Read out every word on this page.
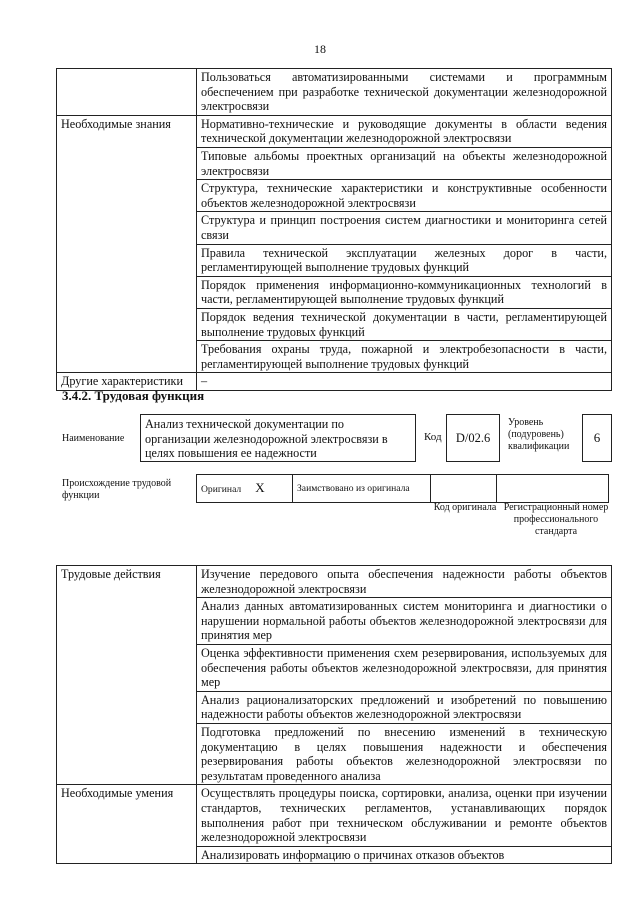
18
	Пользоваться автоматизированными системами и программным обеспечением при разработке технической документации железнодорожной электросвязи
Необходимые знания	Нормативно-технические и руководящие документы в области ведения технической документации железнодорожной электросвязи
	Типовые альбомы проектных организаций на объекты железнодорожной электросвязи
	Структура, технические характеристики и конструктивные особенности объектов железнодорожной электросвязи
	Структура и принцип построения систем диагностики и мониторинга сетей связи
	Правила технической эксплуатации железных дорог в части, регламентирующей выполнение трудовых функций
	Порядок применения информационно-коммуникационных технологий в части, регламентирующей выполнение трудовых функций
	Порядок ведения технической документации в части, регламентирующей выполнение трудовых функций
	Требования охраны труда, пожарной и электробезопасности в части, регламентирующей выполнение трудовых функций
Другие характеристики	–
3.4.2. Трудовая функция
Наименование
Анализ технической документации по организации железнодорожной электросвязи в целях повышения ее надежности
Код	D/02.6
Уровень (подуровень) квалификации
6
Происхождение трудовой функции	Оригинал Х	Заимствовано из оригинала		
Код оригинала Регистрационный номер профессионального стандарта
Трудовые действия	Изучение передового опыта обеспечения надежности работы объектов железнодорожной электросвязи
	Анализ данных автоматизированных систем мониторинга и диагностики о нарушении нормальной работы объектов железнодорожной электросвязи для принятия мер
	Оценка эффективности применения схем резервирования, используемых для обеспечения работы объектов железнодорожной электросвязи, для принятия мер
	Анализ рационализаторских предложений и изобретений по повышению надежности работы объектов железнодорожной электросвязи
	Подготовка предложений по внесению изменений в техническую документацию в целях повышения надежности и обеспечения резервирования работы объектов железнодорожной электросвязи по результатам проведенного анализа
Необходимые умения	Осуществлять процедуры поиска, сортировки, анализа, оценки при изучении стандартов, технических регламентов, устанавливающих порядок выполнения работ при техническом обслуживании и ремонте объектов железнодорожной электросвязи
	Анализировать информацию о причинах отказов объектов
